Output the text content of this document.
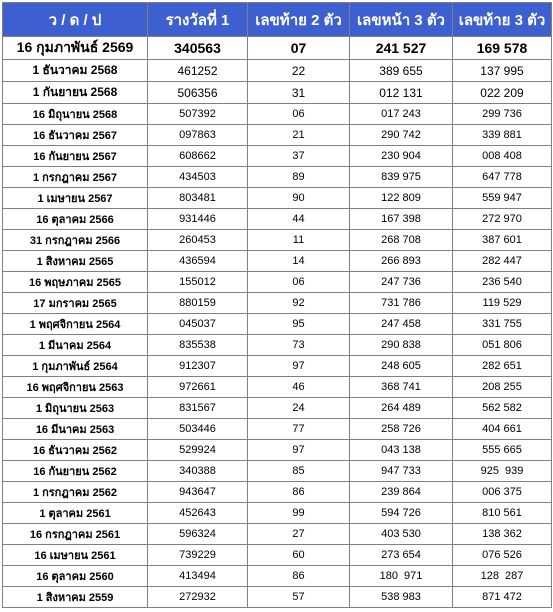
ว / ด / ป	รางวัลที่ 1	เลขท้าย 2 ตัว	เลขหน้า 3 ตัว	เลขท้าย 3 ตัว
16 กุมภาพันธ์ 2569	340563	07	241 527	169 578
1 ธันวาคม 2568	461252	22	389 655	137 995
1 กันยายน 2568	506356	31	012 131	022 209
16 มิถุนายน 2568	507392	06	017 243	299 736
16 ธันวาคม 2567	097863	21	290 742	339 881
16 กันยายน 2567	608662	37	230 904	008 408
1 กรกฎาคม 2567	434503	89	839 975	647 778
1 เมษายน 2567	803481	90	122 809	559 947
16 ตุลาคม 2566	931446	44	167 398	272 970
31 กรกฎาคม 2566	260453	11	268 708	387 601
1 สิงหาคม 2565	436594	14	266 893	282 447
16 พฤษภาคม 2565	155012	06	247 736	236 540
17 มกราคม 2565	880159	92	731 786	119 529
1 พฤศจิกายน 2564	045037	95	247 458	331 755
1 มีนาคม 2564	835538	73	290 838	051 806
1 กุมภาพันธ์ 2564	912307	97	248 605	282 651
16 พฤศจิกายน 2563	972661	46	368 741	208 255
1 มิถุนายน 2563	831567	24	264 489	562 582
16 มีนาคม 2563	503446	77	258 726	404 661
16 ธันวาคม 2562	529924	97	043 138	555 665
16 กันยายน 2562	340388	85	947 733	925  939
1 กรกฎาคม 2562	943647	86	239 864	006 375
1 ตุลาคม 2561	452643	99	594 726	810 561
16 กรกฎาคม 2561	596324	27	403 530	138 362
16 เมษายน 2561	739229	60	273 654	076 526
16 ตุลาคม 2560	413494	86	180  971	128  287
1 สิงหาคม 2559	272932	57	538 983	871 472
